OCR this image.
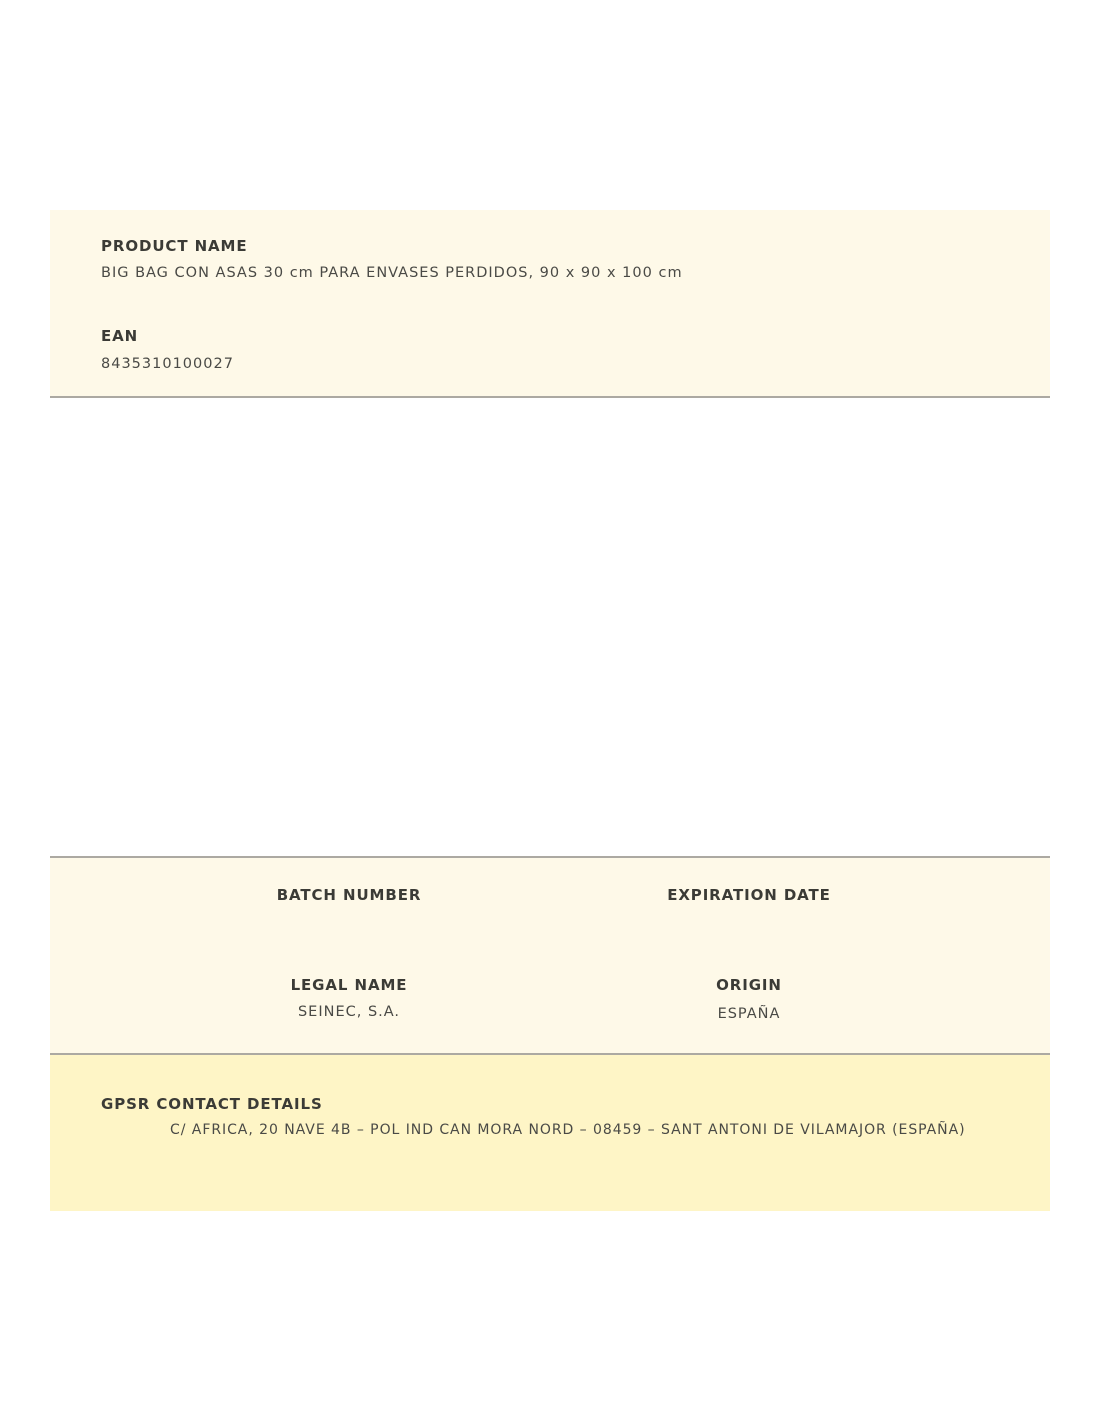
PRODUCT NAME
BIG BAG CON ASAS 30 cm PARA ENVASES PERDIDOS, 90 x 90 x 100 cm
EAN
8435310100027
BATCH NUMBER	EXPIRATION DATE
LEGAL NAME
SEINEC, S.A.
ORIGIN
ESPAÑA
GPSR CONTACT DETAILS
C/ AFRICA, 20 NAVE 4B – POL IND CAN MORA NORD – 08459 – SANT ANTONI DE VILAMAJOR (ESPAÑA)
